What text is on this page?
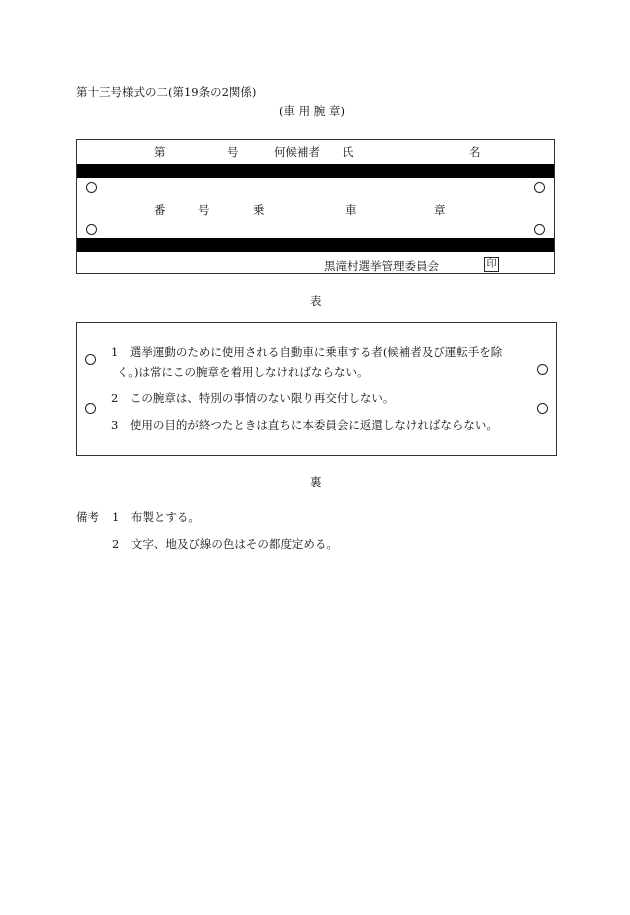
第十三号様式の二(第19条の2関係)
(車 用 腕 章)
第	号	何候補者 氏	名
番	号	乗	車	章
黒滝村選挙管理委員会	印
表
1　選挙運動のために使用される自動車に乗車する者(候補者及び運転手を除
く。)は常にこの腕章を着用しなければならない。
2　この腕章は、特別の事情のない限り再交付しない。
3　使用の目的が終つたときは直ちに本委員会に返還しなければならない。
裏
備考 1　布製とする。
2　文字、地及び線の色はその都度定める。
